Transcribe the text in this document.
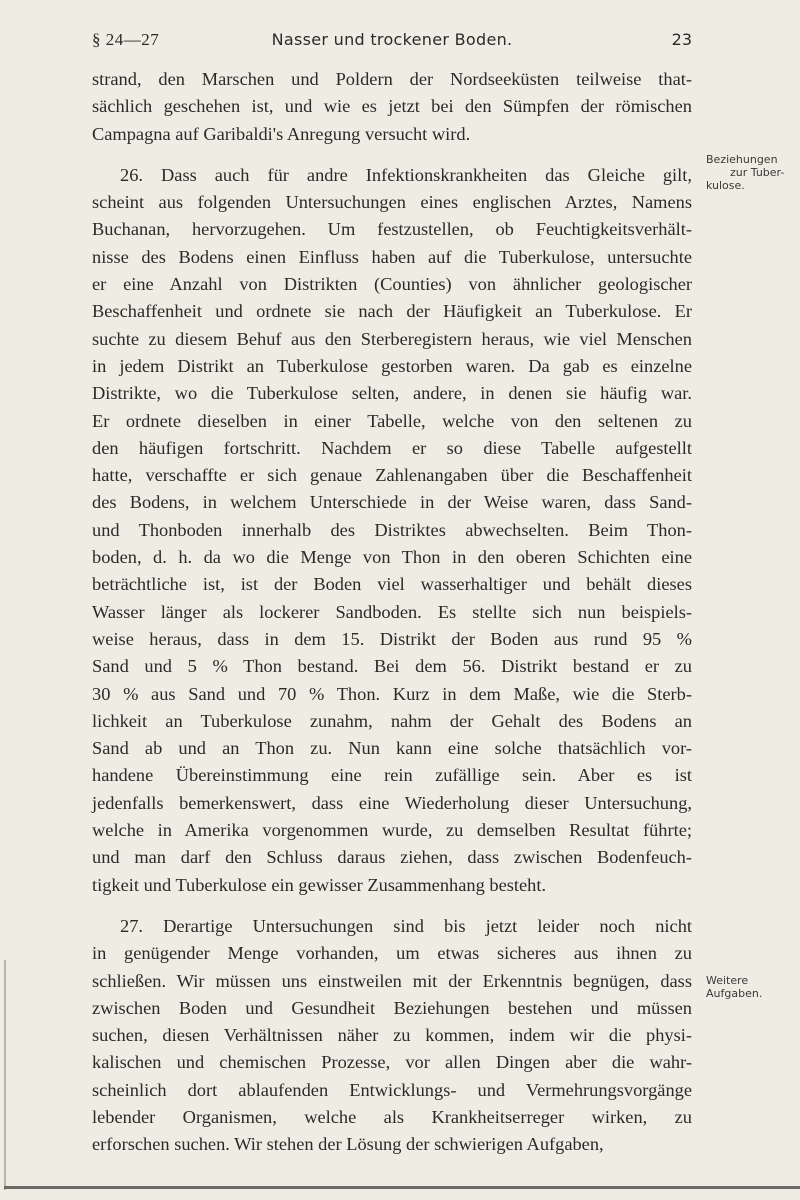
§ 24—27	Nasser und trockener Boden.	23
strand, den Marschen und Poldern der Nordseeküsten teilweise that-
sächlich geschehen ist, und wie es jetzt bei den Sümpfen der römischen
Campagna auf Garibaldi's Anregung versucht wird.
26. Dass auch für andre Infektionskrankheiten das Gleiche gilt,
scheint aus folgenden Untersuchungen eines englischen Arztes, Namens
Buchanan, hervorzugehen. Um festzustellen, ob Feuchtigkeitsverhält-
nisse des Bodens einen Einfluss haben auf die Tuberkulose, untersuchte
er eine Anzahl von Distrikten (Counties) von ähnlicher geologischer
Beschaffenheit und ordnete sie nach der Häufigkeit an Tuberkulose. Er
suchte zu diesem Behuf aus den Sterberegistern heraus, wie viel Menschen
in jedem Distrikt an Tuberkulose gestorben waren. Da gab es einzelne
Distrikte, wo die Tuberkulose selten, andere, in denen sie häufig war.
Er ordnete dieselben in einer Tabelle, welche von den seltenen zu
den häufigen fortschritt. Nachdem er so diese Tabelle aufgestellt
hatte, verschaffte er sich genaue Zahlenangaben über die Beschaffenheit
des Bodens, in welchem Unterschiede in der Weise waren, dass Sand-
und Thonboden innerhalb des Distriktes abwechselten. Beim Thon-
boden, d. h. da wo die Menge von Thon in den oberen Schichten eine
beträchtliche ist, ist der Boden viel wasserhaltiger und behält dieses
Wasser länger als lockerer Sandboden. Es stellte sich nun beispiels-
weise heraus, dass in dem 15. Distrikt der Boden aus rund 95 %
Sand und 5 % Thon bestand. Bei dem 56. Distrikt bestand er zu
30 % aus Sand und 70 % Thon. Kurz in dem Maße, wie die Sterb-
lichkeit an Tuberkulose zunahm, nahm der Gehalt des Bodens an
Sand ab und an Thon zu. Nun kann eine solche thatsächlich vor-
handene Übereinstimmung eine rein zufällige sein. Aber es ist
jedenfalls bemerkenswert, dass eine Wiederholung dieser Untersuchung,
welche in Amerika vorgenommen wurde, zu demselben Resultat führte;
und man darf den Schluss daraus ziehen, dass zwischen Bodenfeuch-
tigkeit und Tuberkulose ein gewisser Zusammenhang besteht.
27. Derartige Untersuchungen sind bis jetzt leider noch nicht
in genügender Menge vorhanden, um etwas sicheres aus ihnen zu
schließen. Wir müssen uns einstweilen mit der Erkenntnis begnügen, dass
zwischen Boden und Gesundheit Beziehungen bestehen und müssen
suchen, diesen Verhältnissen näher zu kommen, indem wir die physi-
kalischen und chemischen Prozesse, vor allen Dingen aber die wahr-
scheinlich dort ablaufenden Entwicklungs- und Vermehrungsvorgänge
lebender Organismen, welche als Krankheitserreger wirken, zu
erforschen suchen. Wir stehen der Lösung der schwierigen Aufgaben,
Beziehungen
zur Tuber-
kulose.
Weitere
Aufgaben.
